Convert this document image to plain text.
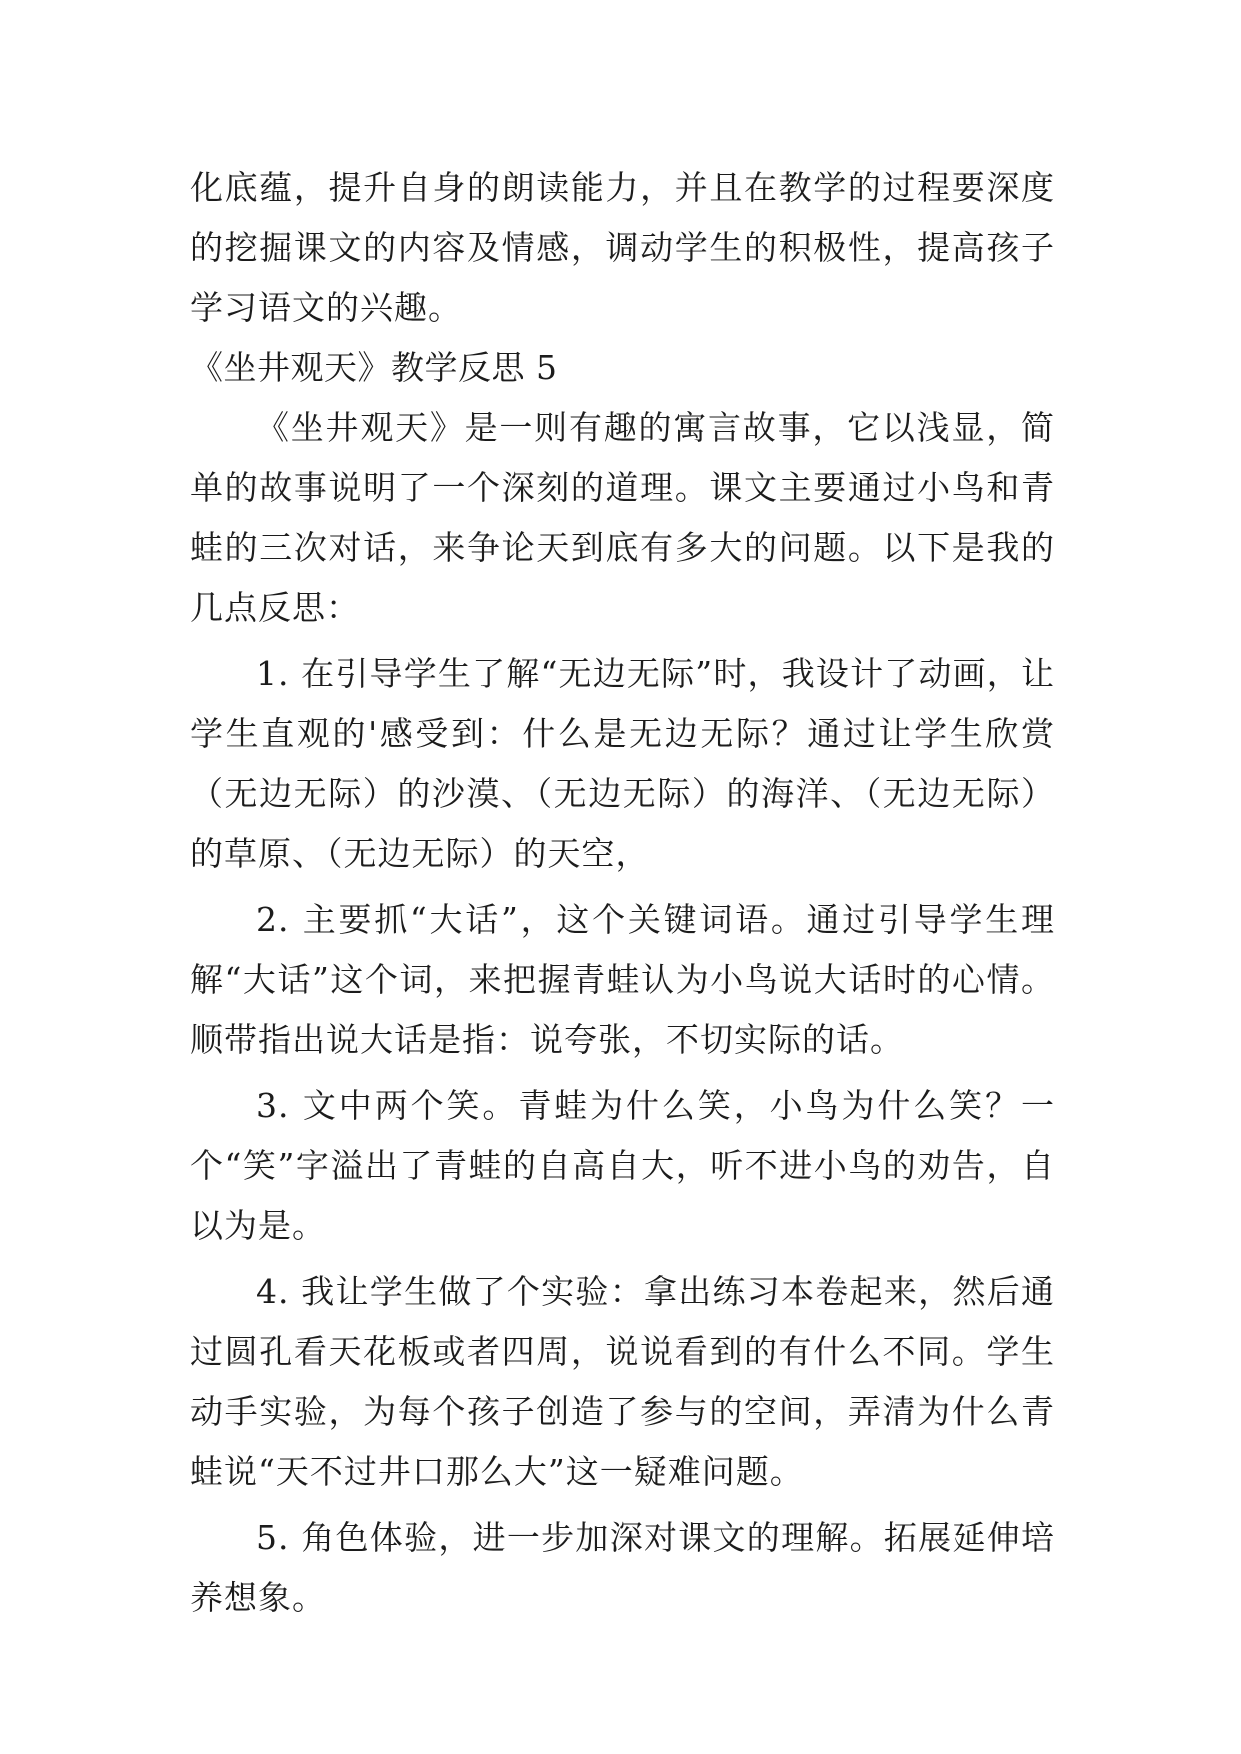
化底蕴，提升自身的朗读能力，并且在教学的过程要深度的挖掘课文的内容及情感，调动学生的积极性，提高孩子学习语文的兴趣。

《坐井观天》教学反思 5

《坐井观天》是一则有趣的寓言故事，它以浅显，简单的故事说明了一个深刻的道理。课文主要通过小鸟和青蛙的三次对话，来争论天到底有多大的问题。以下是我的几点反思：

1. 在引导学生了解“无边无际”时，我设计了动画，让学生直观的'感受到：什么是无边无际？通过让学生欣赏（无边无际）的沙漠、（无边无际）的海洋、（无边无际）的草原、（无边无际）的天空，

2. 主要抓“大话”，这个关键词语。通过引导学生理解“大话”这个词，来把握青蛙认为小鸟说大话时的心情。顺带指出说大话是指：说夸张，不切实际的话。

3. 文中两个笑。青蛙为什么笑，小鸟为什么笑？一个“笑”字溢出了青蛙的自高自大，听不进小鸟的劝告，自以为是。

4. 我让学生做了个实验：拿出练习本卷起来，然后通过圆孔看天花板或者四周，说说看到的有什么不同。学生动手实验，为每个孩子创造了参与的空间，弄清为什么青蛙说“天不过井口那么大”这一疑难问题。

5. 角色体验，进一步加深对课文的理解。拓展延伸培养想象。
